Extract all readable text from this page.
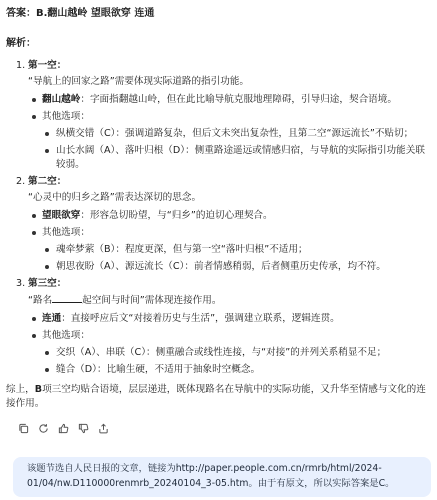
答案：B.翻山越岭 望眼欲穿 连通
解析：
1. 第一空：
“导航上的回家之路”需要体现实际道路的指引功能。
翻山越岭：字面指翻越山岭，但在此比喻导航克服地理障碍，引导归途，契合语境。
其他选项：
纵横交错（C）：强调道路复杂，但后文未突出复杂性，且第二空“源远流长”不贴切；
山长水阔（A）、落叶归根（D）：侧重路途遥远或情感归宿，与导航的实际指引功能关联较弱。
2. 第二空：
“心灵中的归乡之路”需表达深切的思念。
望眼欲穿：形容急切盼望，与“归乡”的迫切心理契合。
其他选项：
魂牵梦萦（B）：程度更深，但与第一空“落叶归根”不适用；
朝思夜盼（A）、源远流长（C）：前者情感稍弱，后者侧重历史传承，均不符。
3. 第三空：
“路名	起空间与时间”需体现连接作用。
连通：直接呼应后文“对接着历史与生活”，强调建立联系，逻辑连贯。
其他选项：
交织（A）、串联（C）：侧重融合或线性连接，与“对接”的并列关系稍显不足；
缝合（D）：比喻生硬，不适用于抽象时空概念。
综上，B项三空均贴合语境，层层递进，既体现路名在导航中的实际功能，又升华至情感与文化的连接作用。
该题节选自人民日报的文章，链接为http://paper.people.com.cn/rmrb/html/2024-01/04/nw.D110000renmrb_20240104_3-05.htm。由于有原文，所以实际答案是C。
